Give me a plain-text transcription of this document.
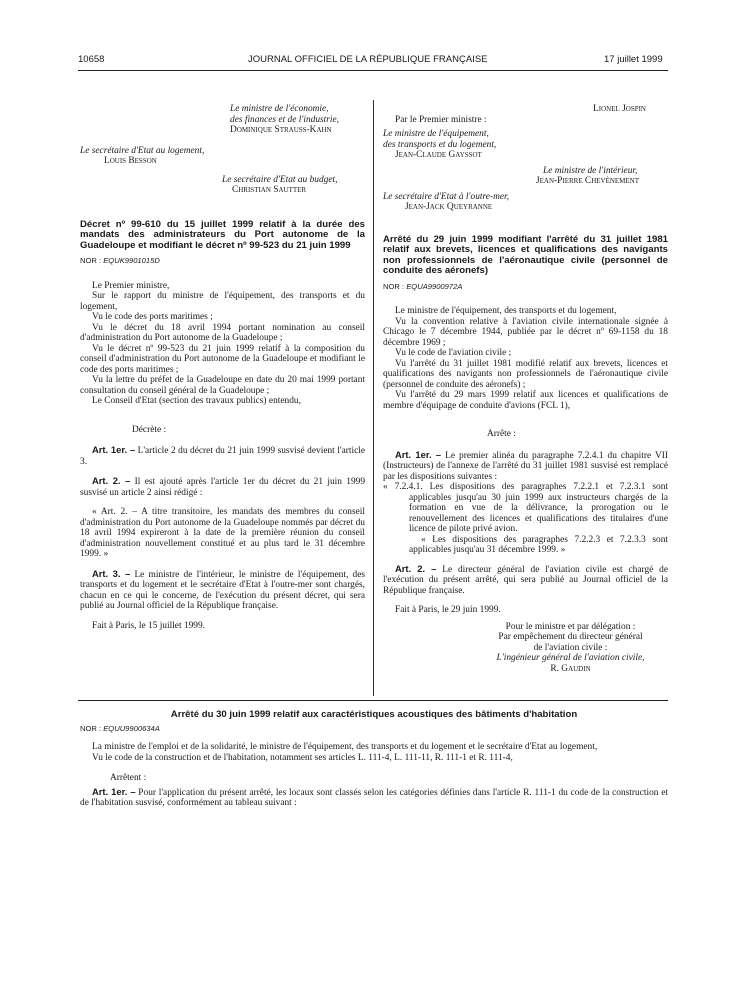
10658	JOURNAL OFFICIEL DE LA RÉPUBLIQUE FRANÇAISE	17 juillet 1999

Le ministre de l'économie,

des finances et de l'industrie,

Dominique Strauss-Kahn

Le secrétaire d'Etat au logement,

Louis Besson

Le secrétaire d'Etat au budget,

Christian Sautter

Décret nº 99-610 du 15 juillet 1999 relatif à la durée des mandats des administrateurs du Port autonome de la Guadeloupe et modifiant le décret nº 99-523 du 21 juin 1999

NOR : EQUK9901015D

Le Premier ministre,

Sur le rapport du ministre de l'équipement, des transports et du logement,

Vu le code des ports maritimes ;

Vu le décret du 18 avril 1994 portant nomination au conseil d'administration du Port autonome de la Guadeloupe ;

Vu le décret nº 99-523 du 21 juin 1999 relatif à la composition du conseil d'administration du Port autonome de la Guadeloupe et modifiant le code des ports maritimes ;

Vu la lettre du préfet de la Guadeloupe en date du 20 mai 1999 portant consultation du conseil général de la Guadeloupe ;

Le Conseil d'Etat (section des travaux publics) entendu,

Décrète :

Art. 1er. – L'article 2 du décret du 21 juin 1999 susvisé devient l'article 3.

Art. 2. – Il est ajouté après l'article 1er du décret du 21 juin 1999 susvisé un article 2 ainsi rédigé :

« Art. 2. – A titre transitoire, les mandats des membres du conseil d'administration du Port autonome de la Guadeloupe nommés par décret du 18 avril 1994 expireront à la date de la première réunion du conseil d'administration nouvellement constitué et au plus tard le 31 décembre 1999. »

Art. 3. – Le ministre de l'intérieur, le ministre de l'équipement, des transports et du logement et le secrétaire d'Etat à l'outre-mer sont chargés, chacun en ce qui le concerne, de l'exécution du présent décret, qui sera publié au Journal officiel de la République française.

Fait à Paris, le 15 juillet 1999.

Lionel Jospin

Par le Premier ministre :

Le ministre de l'équipement,

des transports et du logement,

Jean-Claude Gayssot

Le ministre de l'intérieur,

Jean-Pierre Chevènement

Le secrétaire d'Etat à l'outre-mer,

Jean-Jack Queyranne

Arrêté du 29 juin 1999 modifiant l'arrêté du 31 juillet 1981 relatif aux brevets, licences et qualifications des navigants non professionnels de l'aéronautique civile (personnel de conduite des aéronefs)

NOR : EQUA9900972A

Le ministre de l'équipement, des transports et du logement,

Vu la convention relative à l'aviation civile internationale signée à Chicago le 7 décembre 1944, publiée par le décret nº 69-1158 du 18 décembre 1969 ;

Vu le code de l'aviation civile ;

Vu l'arrêté du 31 juillet 1981 modifié relatif aux brevets, licences et qualifications des navigants non professionnels de l'aéronautique civile (personnel de conduite des aéronefs) ;

Vu l'arrêté du 29 mars 1999 relatif aux licences et qualifications de membre d'équipage de conduite d'avions (FCL 1),

Arrête :

Art. 1er. – Le premier alinéa du paragraphe 7.2.4.1 du chapitre VII (Instructeurs) de l'annexe de l'arrêté du 31 juillet 1981 susvisé est remplacé par les dispositions suivantes :

« 7.2.4.1. Les dispositions des paragraphes 7.2.2.1 et 7.2.3.1 sont applicables jusqu'au 30 juin 1999 aux instructeurs chargés de la formation en vue de la délivrance, la prorogation ou le renouvellement des licences et qualifications des titulaires d'une licence de pilote privé avion.

« Les dispositions des paragraphes 7.2.2.3 et 7.2.3.3 sont applicables jusqu'au 31 décembre 1999. »

Art. 2. – Le directeur général de l'aviation civile est chargé de l'exécution du présent arrêté, qui sera publié au Journal officiel de la République française.

Fait à Paris, le 29 juin 1999.

Pour le ministre et par délégation :

Par empêchement du directeur général

de l'aviation civile :

L'ingénieur général de l'aviation civile,

R. Gaudin

Arrêté du 30 juin 1999 relatif aux caractéristiques acoustiques des bâtiments d'habitation

NOR : EQUU9900634A

La ministre de l'emploi et de la solidarité, le ministre de l'équipement, des transports et du logement et le secrétaire d'Etat au logement,

Vu le code de la construction et de l'habitation, notamment ses articles L. 111-4, L. 111-11, R. 111-1 et R. 111-4,

Arrêtent :

Art. 1er. – Pour l'application du présent arrêté, les locaux sont classés selon les catégories définies dans l'article R. 111-1 du code de la construction et de l'habitation susvisé, conformément au tableau suivant :
